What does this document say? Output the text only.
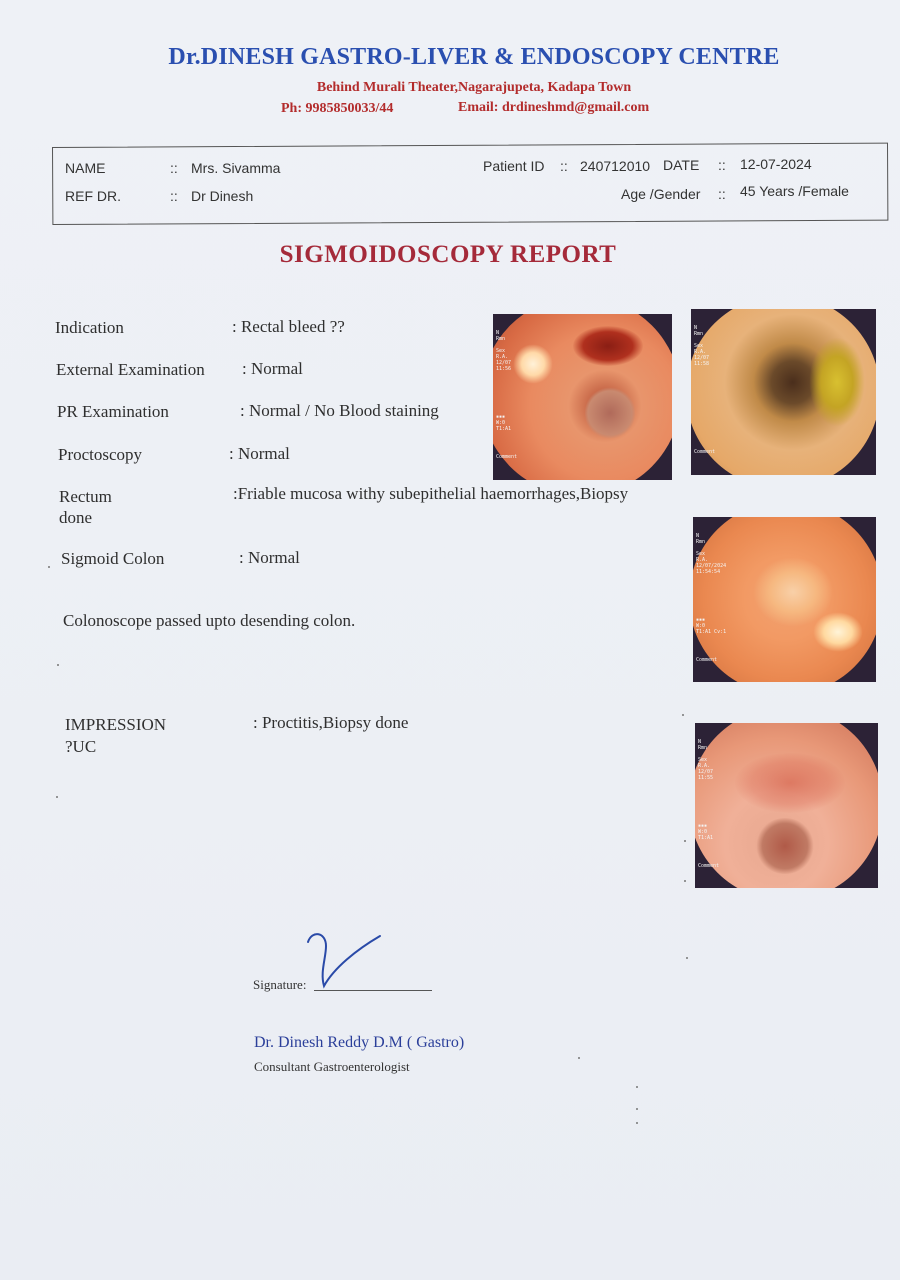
Dr.DINESH GASTRO-LIVER & ENDOSCOPY CENTRE
Behind Murali Theater,Nagarajupeta, Kadapa Town
Ph: 9985850033/44	Email: drdineshmd@gmail.com
NAME	:: Mrs. Sivamma
REF DR.	:: Dr Dinesh
Patient ID :: 240712010 DATE :: 12-07-2024
Age /Gender :: 45 Years /Female
SIGMOIDOSCOPY REPORT
Indication	: Rectal bleed ??
External Examination : Normal
PR Examination	: Normal / No Blood staining
Proctoscopy	: Normal
Rectum
done
:Friable mucosa withy subepithelial haemorrhages,Biopsy
Sigmoid Colon	: Normal
Colonoscope passed upto desending colon.
IMPRESSION
?UC
: Proctitis,Biopsy done
N
Rmn

Sex
R.A.
12/07
11:56
▪▪▪
W:0
T1:A1
Comment
N
Rmn

Sex
R.A.
12/07
11:58
Comment
N
Rmn

Sex
R.A.
12/07/2024
11:54:54
▪▪▪
W:0
T1:A1 Cv:1
Comment
N
Rmn

Sex
R.A.
12/07
11:55
▪▪▪
W:0
T1:A1
Comment
Signature:
Dr. Dinesh Reddy D.M ( Gastro)
Consultant Gastroenterologist
